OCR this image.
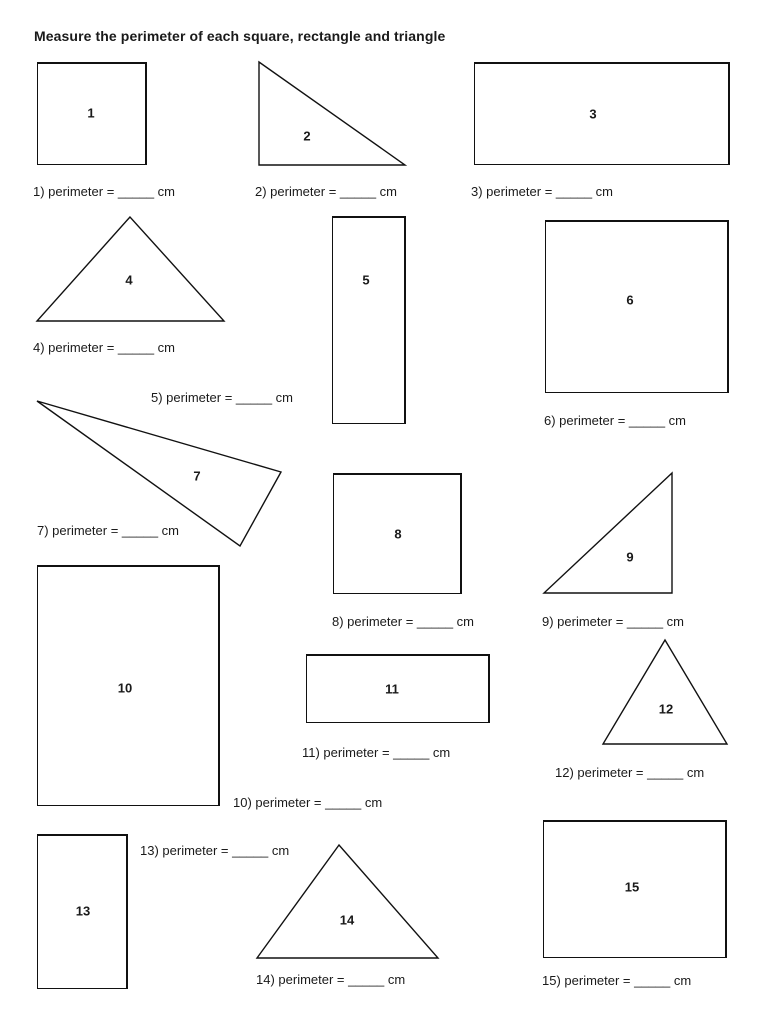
Measure the perimeter of each square, rectangle and triangle
1
1) perimeter = _____ cm
2
2) perimeter = _____ cm
3
3) perimeter = _____ cm
4
4) perimeter = _____ cm
5
5) perimeter = _____ cm
6
6) perimeter = _____ cm
7
7) perimeter = _____ cm	8
8) perimeter = _____ cm
9
9) perimeter = _____ cm
10
10) perimeter = _____ cm
11
11) perimeter = _____ cm
12
12) perimeter = _____ cm
13
13) perimeter = _____ cm
14
14) perimeter = _____ cm
15
15) perimeter = _____ cm
